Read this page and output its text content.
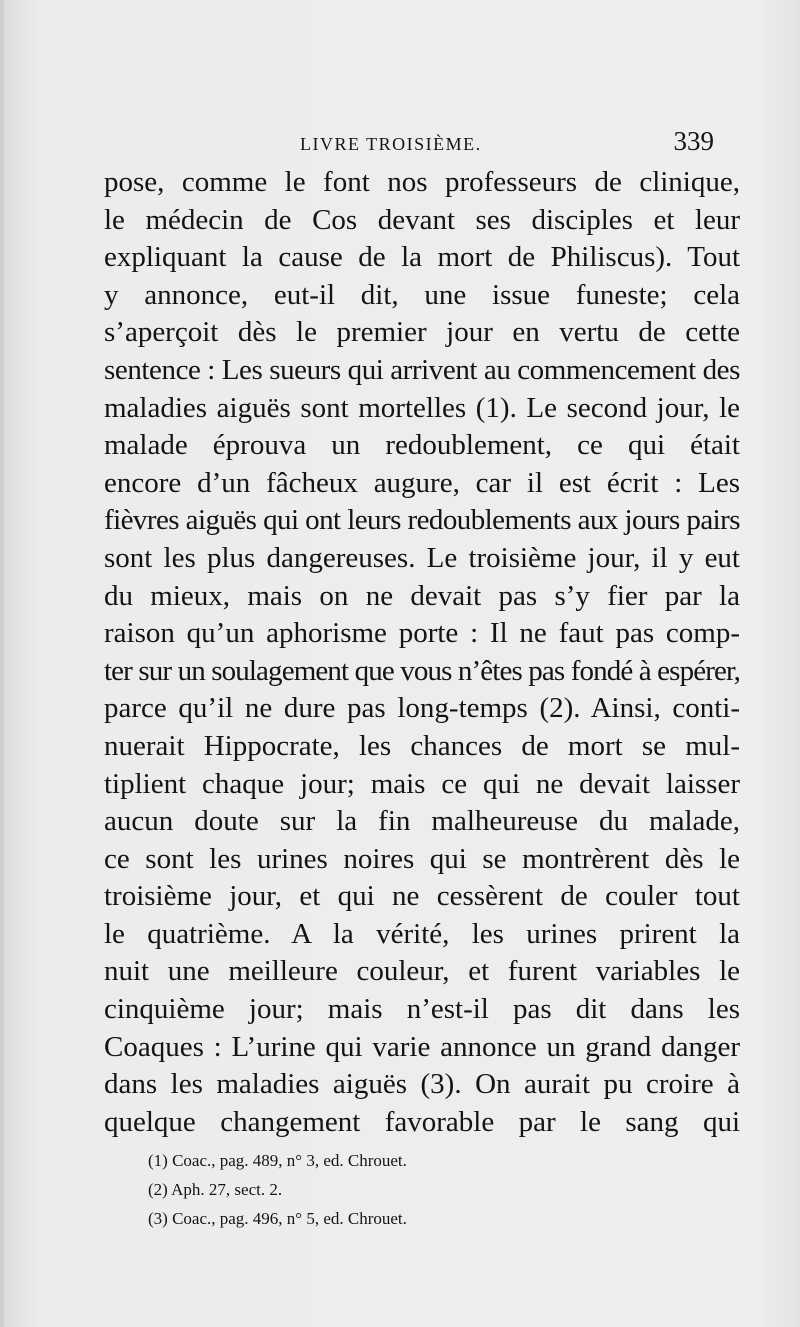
LIVRE TROISIÈME.	339
pose, comme le font nos professeurs de clinique,
le médecin de Cos devant ses disciples et leur
expliquant la cause de la mort de Philiscus). Tout
y annonce, eut-il dit, une issue funeste; cela
s’aperçoit dès le premier jour en vertu de cette
sentence : Les sueurs qui arrivent au commencement des
maladies aiguës sont mortelles (1). Le second jour, le
malade éprouva un redoublement, ce qui était
encore d’un fâcheux augure, car il est écrit : Les
fièvres aiguës qui ont leurs redoublements aux jours pairs
sont les plus dangereuses. Le troisième jour, il y eut
du mieux, mais on ne devait pas s’y fier par la
raison qu’un aphorisme porte : Il ne faut pas comp-
ter sur un soulagement que vous n’êtes pas fondé à espérer,
parce qu’il ne dure pas long-temps (2). Ainsi, conti-
nuerait Hippocrate, les chances de mort se mul-
tiplient chaque jour; mais ce qui ne devait laisser
aucun doute sur la fin malheureuse du malade,
ce sont les urines noires qui se montrèrent dès le
troisième jour, et qui ne cessèrent de couler tout
le quatrième. A la vérité, les urines prirent la
nuit une meilleure couleur, et furent variables le
cinquième jour; mais n’est-il pas dit dans les
Coaques : L’urine qui varie annonce un grand danger
dans les maladies aiguës (3). On aurait pu croire à
quelque changement favorable par le sang qui
(1) Coac., pag. 489, n° 3, ed. Chrouet.
(2) Aph. 27, sect. 2.
(3) Coac., pag. 496, n° 5, ed. Chrouet.
